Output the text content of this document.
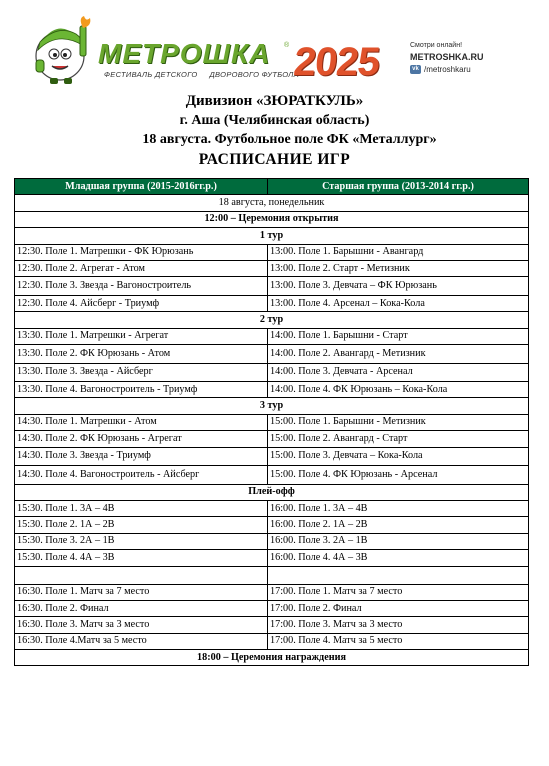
МЕТРОШКА ®
ФЕСТИВАЛЬ ДЕТСКОГО ДВОРОВОГО ФУТБОЛА
2025	Смотри онлайн!
METROSHKA.RU
vk /metroshkaru
Дивизион «ЗЮРАТКУЛЬ»
г. Аша (Челябинская область)
18 августа. Футбольное поле ФК «Металлург»
РАСПИСАНИЕ ИГР
Младшая группа (2015-2016гг.р.)	Старшая группа (2013-2014 гг.р.)
18 августа, понедельник	
12:00 – Церемония открытия	
1 тур	
12:30. Поле 1. Матрешки - ФК Юрюзань	13:00. Поле 1. Барышни - Авангард
12:30. Поле 2. Агрегат - Атом	13:00. Поле 2. Старт - Метизник
12:30. Поле 3. Звезда - Вагоностроитель	13:00. Поле 3. Девчата – ФК Юрюзань
12:30. Поле 4. Айсберг - Триумф	13:00. Поле 4. Арсенал – Кока-Кола
2 тур	
13:30. Поле 1. Матрешки - Агрегат	14:00. Поле 1. Барышни - Старт
13:30. Поле 2. ФК Юрюзань - Атом	14:00. Поле 2. Авангард - Метизник
13:30. Поле 3. Звезда - Айсберг	14:00. Поле 3. Девчата - Арсенал
13:30. Поле 4. Вагоностроитель - Триумф	14:00. Поле 4. ФК Юрюзань – Кока-Кола
3 тур	
14:30. Поле 1. Матрешки - Атом	15:00. Поле 1. Барышни - Метизник
14:30. Поле 2. ФК Юрюзань - Агрегат	15:00. Поле 2. Авангард - Старт
14:30. Поле 3. Звезда - Триумф	15:00. Поле 3. Девчата – Кока-Кола
14:30. Поле 4. Вагоностроитель - Айсберг	15:00. Поле 4. ФК Юрюзань - Арсенал
Плей-офф	
15:30. Поле 1. 3А – 4В	16:00. Поле 1. 3А – 4В
15:30. Поле 2. 1А – 2В	16:00. Поле 2. 1А – 2В
15:30. Поле 3. 2А – 1В	16:00. Поле 3. 2А – 1В
15:30. Поле 4. 4А – 3В	16:00. Поле 4. 4А – 3В

16:30. Поле 1. Матч за 7 место	17:00. Поле 1. Матч за 7 место
16:30. Поле 2. Финал	17:00. Поле 2. Финал
16:30. Поле 3. Матч за 3 место	17:00. Поле 3. Матч за 3 место
16:30. Поле 4.Матч за 5 место	17:00. Поле 4. Матч за 5 место
18:00 – Церемония награждения	
